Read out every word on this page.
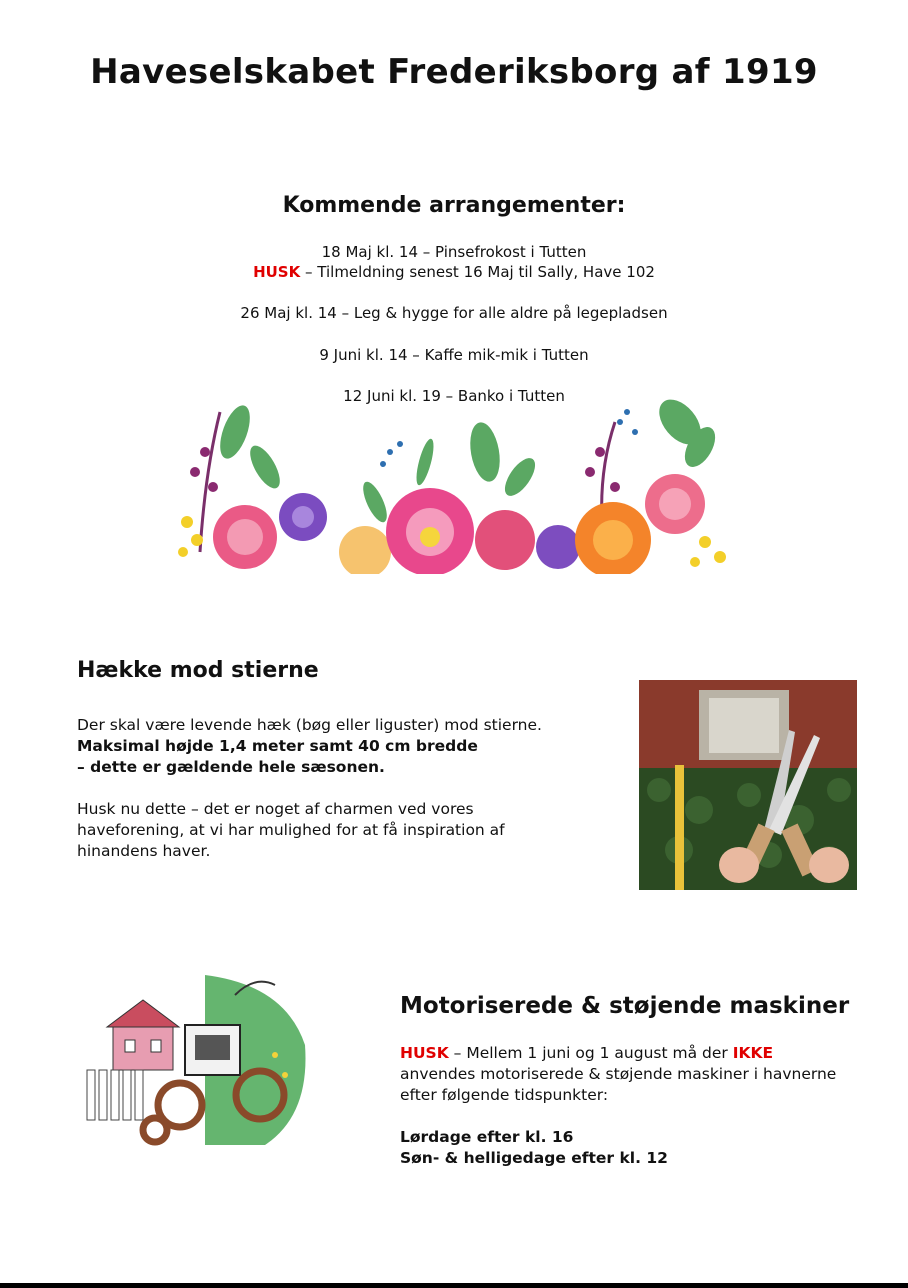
Haveselskabet Frederiksborg af 1919
Kommende arrangementer:
18 Maj kl. 14 – Pinsefrokost i Tutten
HUSK – Tilmeldning senest 16 Maj til Sally, Have 102
26 Maj kl. 14 – Leg & hygge for alle aldre på legepladsen
9 Juni kl. 14 – Kaffe mik-mik i Tutten
12 Juni kl. 19 – Banko i Tutten
Hække mod stierne
Der skal være levende hæk (bøg eller liguster) mod stierne.
Maksimal højde 1,4 meter samt 40 cm bredde
– dette er gældende hele sæsonen.
Husk nu dette – det er noget af charmen ved vores
haveforening, at vi har mulighed for at få inspiration af
hinandens haver.
Motoriserede & støjende maskiner
HUSK – Mellem 1 juni og 1 august må der IKKE
anvendes motoriserede & støjende maskiner i havnerne
efter følgende tidspunkter:
Lørdage efter kl. 16
Søn- & helligedage efter kl. 12
